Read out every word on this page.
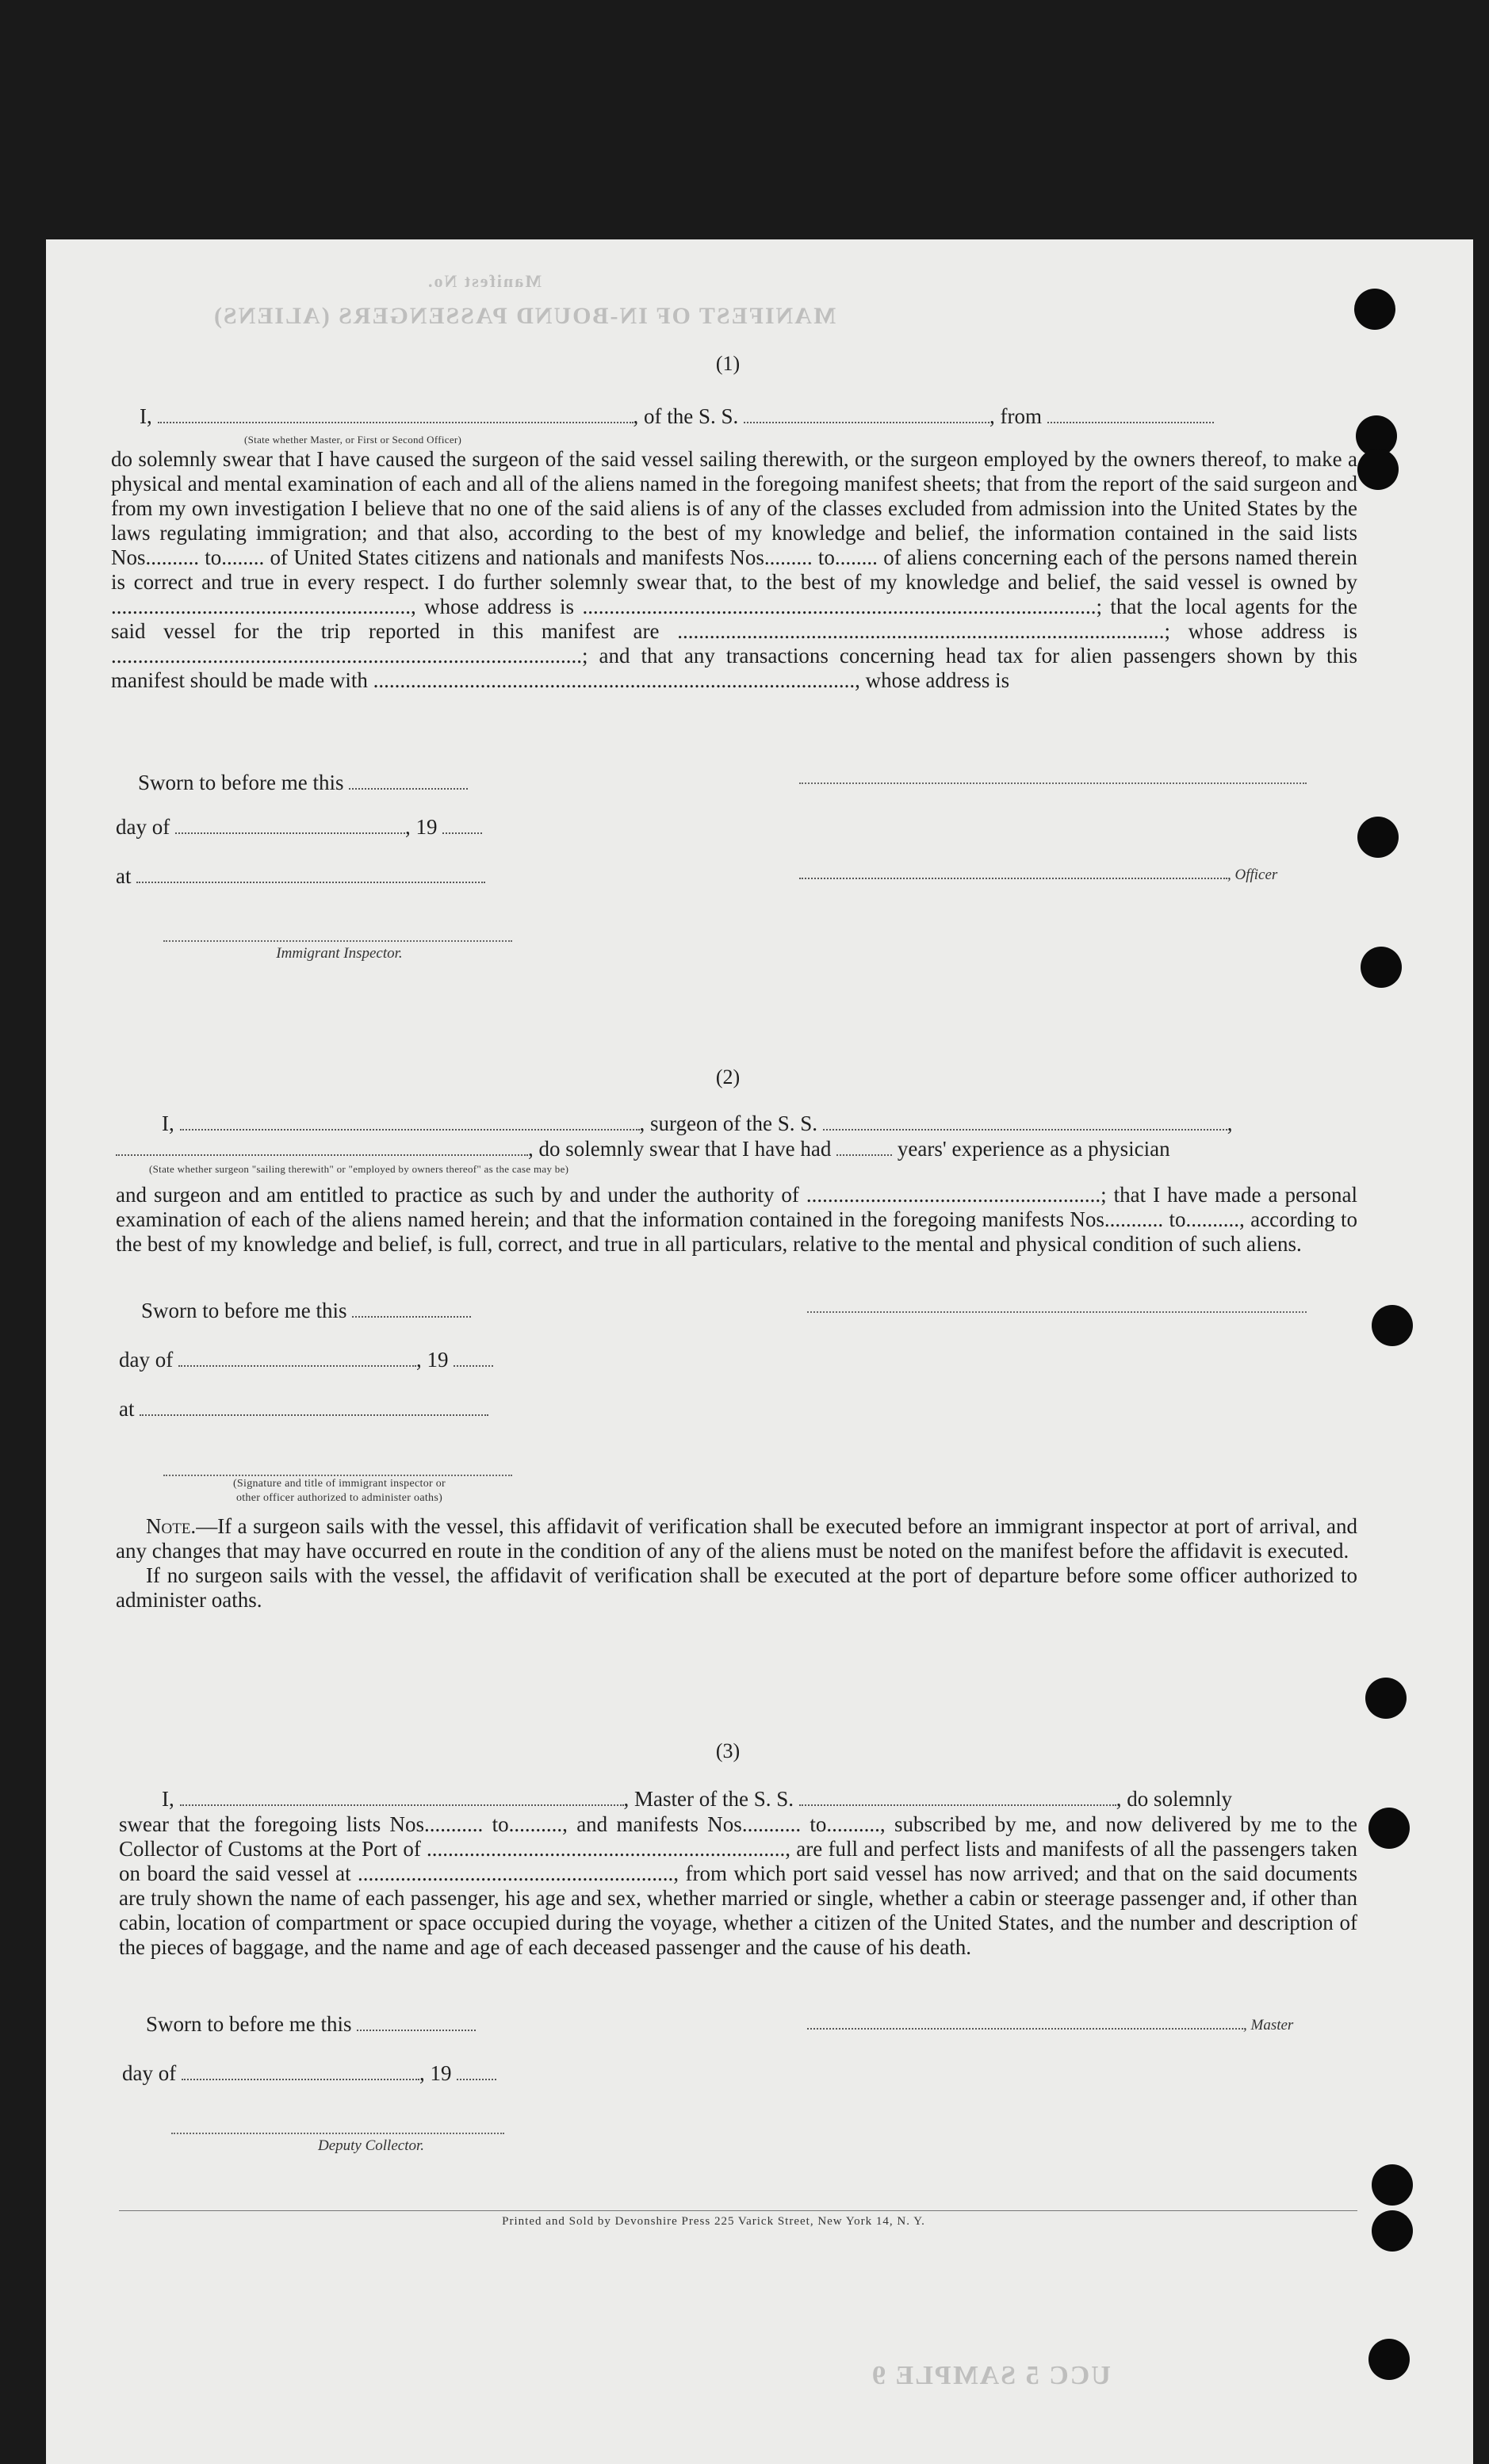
MANIFEST OF IN-BOUND PASSENGERS (ALIENS)
Manifest No.
(1)
I,	, of the S. S.	, from
(State whether Master, or First or Second Officer)

do solemnly swear that I have caused the surgeon of the said vessel sailing therewith, or the surgeon employed by the owners thereof, to make a physical and mental examination of each and all of the aliens named in the foregoing manifest sheets; that from the report of the said surgeon and from my own investigation I believe that no one of the said aliens is of any of the classes excluded from admission into the United States by the laws regulating immigration; and that also, according to the best of my knowledge and belief, the information contained in the said lists Nos.......... to........ of United States citizens and nationals and manifests Nos......... to........ of aliens concerning each of the persons named therein is correct and true in every respect. I do further solemnly swear that, to the best of my knowledge and belief, the said vessel is owned by ........................................................, whose address is ................................................................................................; that the local agents for the said vessel for the trip reported in this manifest are ...........................................................................................; whose address is ........................................................................................; and that any transactions concerning head tax for alien passengers shown by this manifest should be made with .........................................................................................., whose address is

Sworn to before me this
day of	, 19
at	, Officer
Immigrant Inspector.
(2)
I,	, surgeon of the S. S.	,
, do solemnly swear that I have had	years' experience as a physician
(State whether surgeon "sailing therewith" or "employed by owners thereof" as the case may be)

and surgeon and am entitled to practice as such by and under the authority of .......................................................; that I have made a personal examination of each of the aliens named herein; and that the information contained in the foregoing manifests Nos........... to.........., according to the best of my knowledge and belief, is full, correct, and true in all particulars, relative to the mental and physical condition of such aliens.

Sworn to before me this
day of	, 19
at
(Signature and title of immigrant inspector or
other officer authorized to administer oaths)

Note.—If a surgeon sails with the vessel, this affidavit of verification shall be executed before an immigrant inspector at port of arrival, and any changes that may have occurred en route in the condition of any of the aliens must be noted on the manifest before the affidavit is executed.

If no surgeon sails with the vessel, the affidavit of verification shall be executed at the port of departure before some officer authorized to administer oaths.

(3)
I,	, Master of the S. S.	, do solemnly

swear that the foregoing lists Nos........... to.........., and manifests Nos........... to.........., subscribed by me, and now delivered by me to the Collector of Customs at the Port of ..................................................................., are full and perfect lists and manifests of all the passengers taken on board the said vessel at ..........................................................., from which port said vessel has now arrived; and that on the said documents are truly shown the name of each passenger, his age and sex, whether married or single, whether a cabin or steerage passenger and, if other than cabin, location of compartment or space occupied during the voyage, whether a citizen of the United States, and the number and description of the pieces of baggage, and the name and age of each deceased passenger and the cause of his death.

Sworn to before me this	, Master
day of	, 19
Deputy Collector.
Printed and Sold by Devonshire Press 225 Varick Street, New York 14, N. Y.
UCC 5 SAMPLE 9
